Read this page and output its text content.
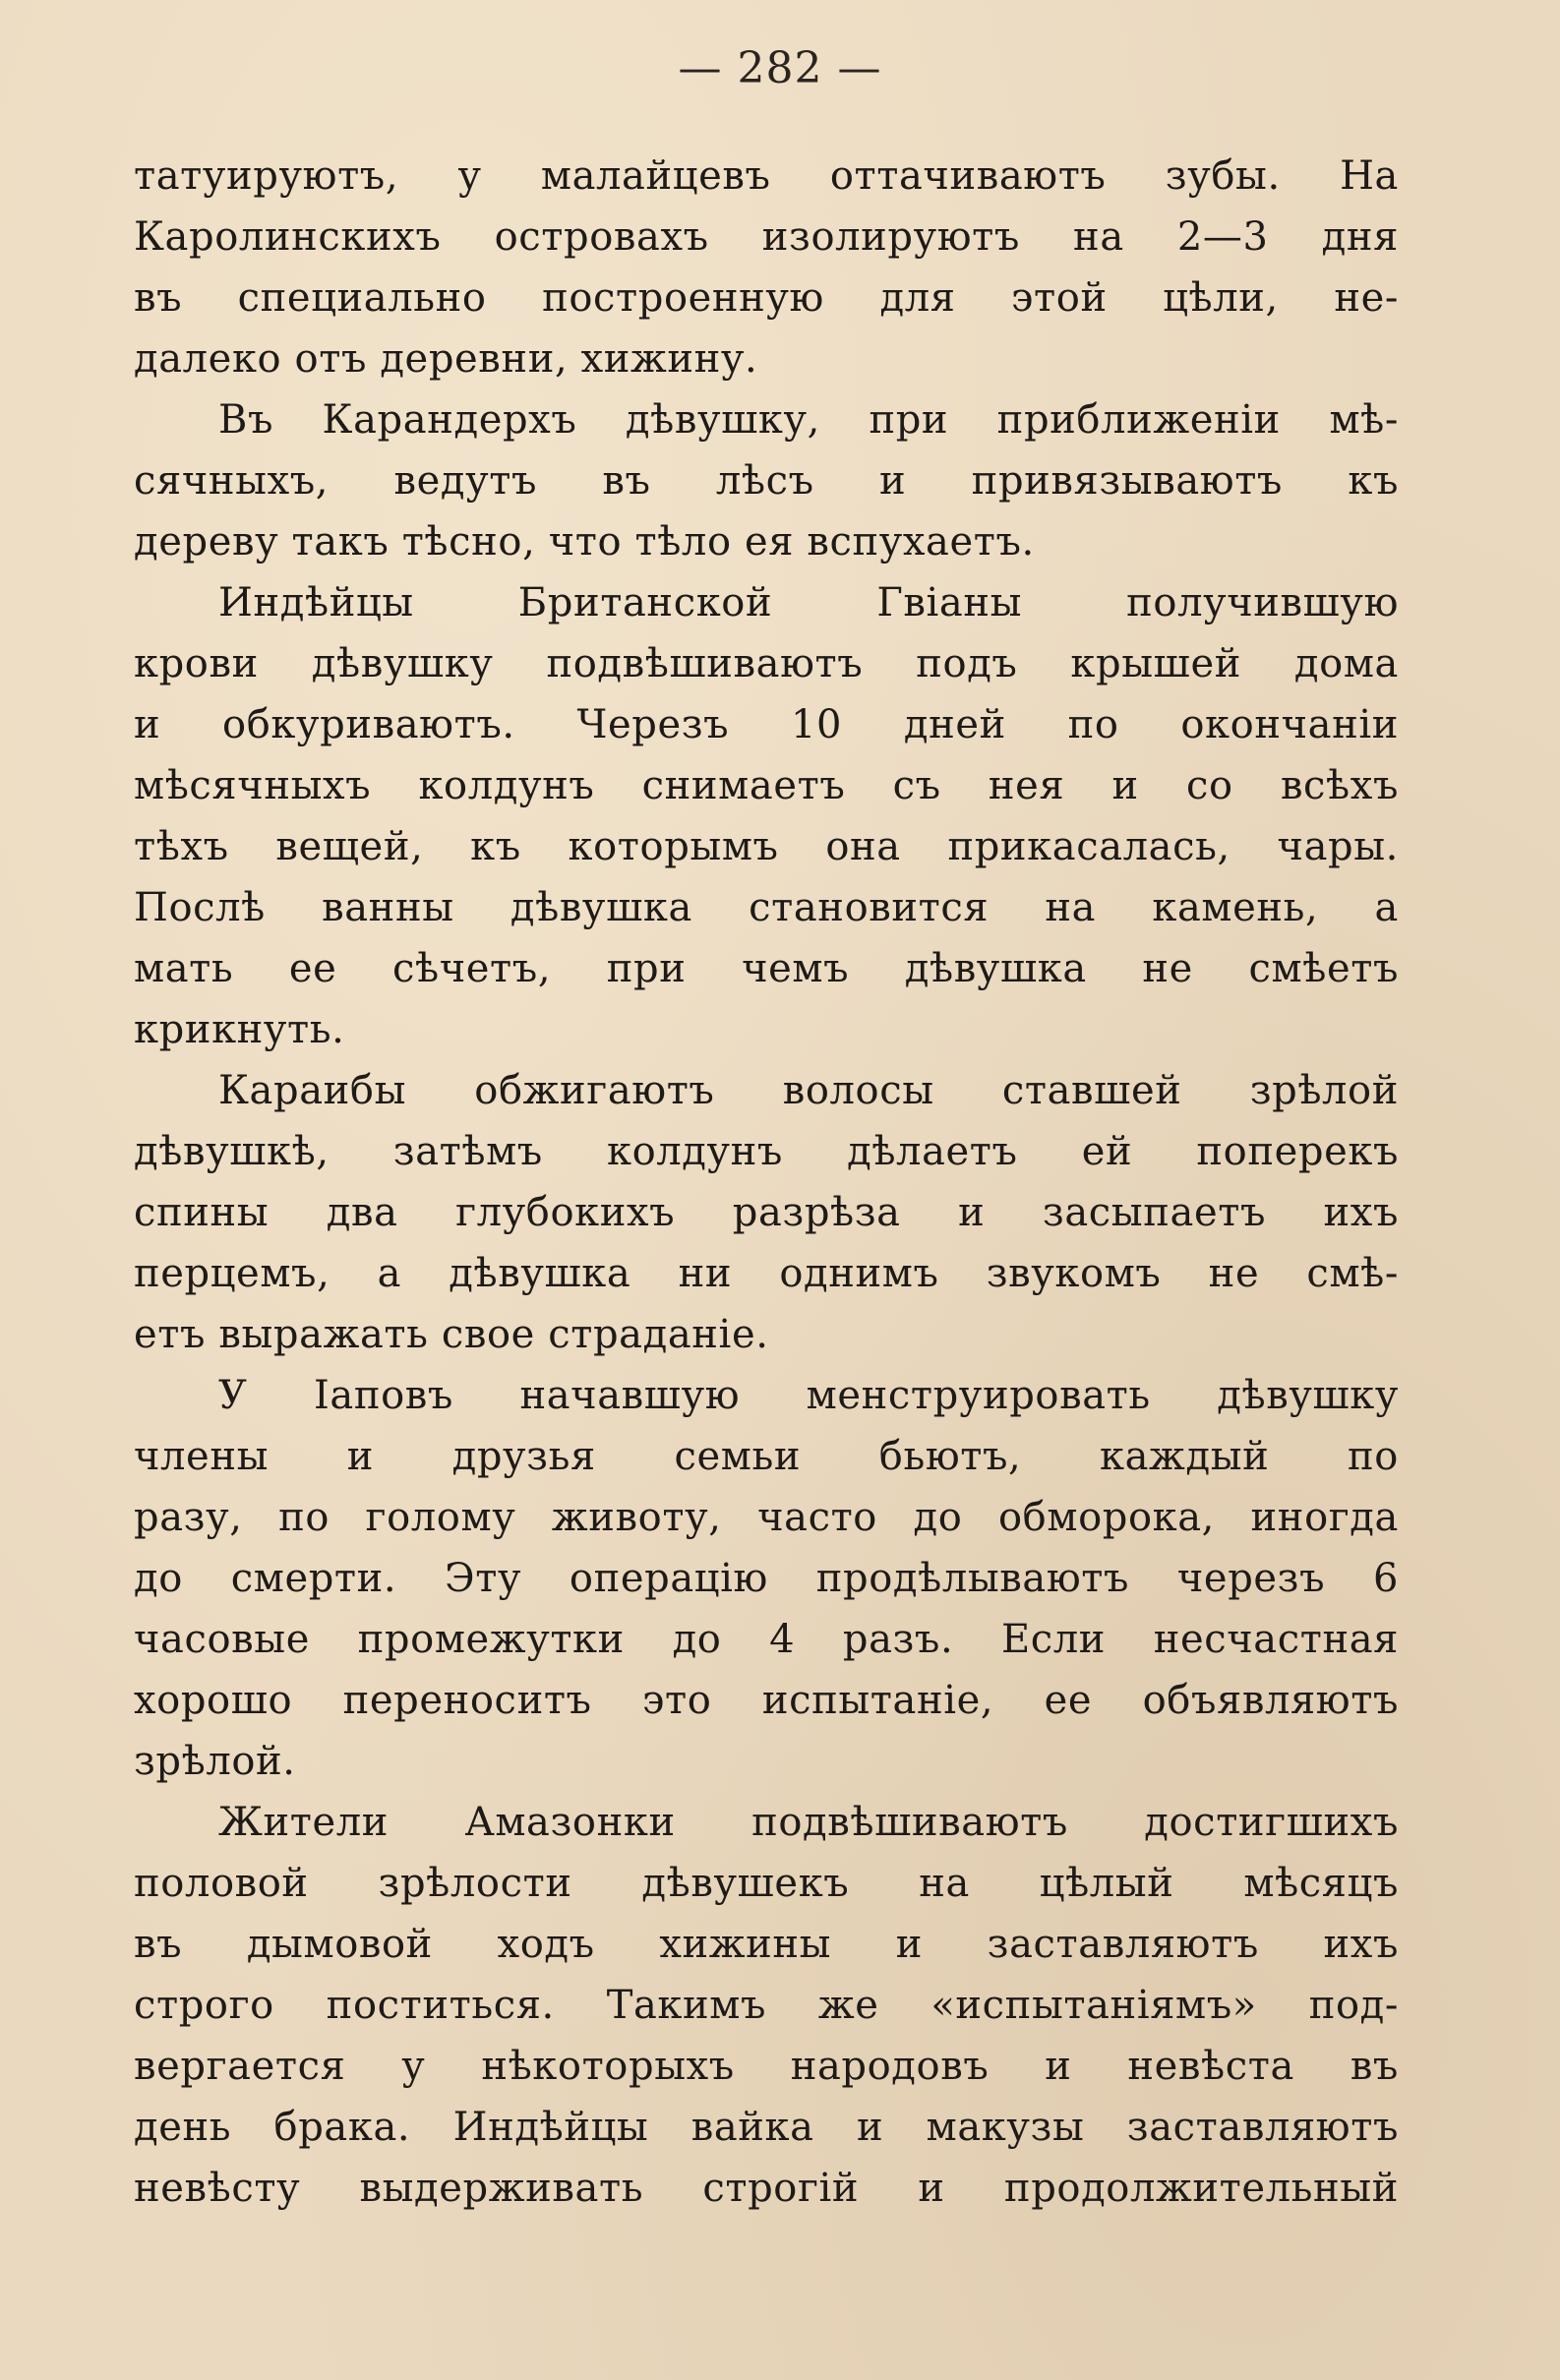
— 282 —
татуируютъ, у малайцевъ оттачиваютъ зубы. На
Каролинскихъ островахъ изолируютъ на 2—3 дня
въ специально построенную для этой цѣли, не-
далеко отъ деревни, хижину.
Въ Карандерхъ дѣвушку, при приближеніи мѣ-
сячныхъ, ведутъ въ лѣсъ и привязываютъ къ
дереву такъ тѣсно, что тѣло ея вспухаетъ.
Индѣйцы Британской Гвіаны получившую
крови дѣвушку подвѣшиваютъ подъ крышей дома
и обкуриваютъ. Черезъ 10 дней по окончаніи
мѣсячныхъ колдунъ снимаетъ съ нея и со всѣхъ
тѣхъ вещей, къ которымъ она прикасалась, чары.
Послѣ ванны дѣвушка становится на камень, а
мать ее сѣчетъ, при чемъ дѣвушка не смѣетъ
крикнуть.
Караибы обжигаютъ волосы ставшей зрѣлой
дѣвушкѣ, затѣмъ колдунъ дѣлаетъ ей поперекъ
спины два глубокихъ разрѣза и засыпаетъ ихъ
перцемъ, а дѣвушка ни однимъ звукомъ не смѣ-
етъ выражать свое страданіе.
У Іаповъ начавшую менструировать дѣвушку
члены и друзья семьи бьютъ, каждый по
разу, по голому животу, часто до обморока, иногда
до смерти. Эту операцію продѣлываютъ черезъ 6
часовые промежутки до 4 разъ. Если несчастная
хорошо переноситъ это испытаніе, ее объявляютъ
зрѣлой.
Жители Амазонки подвѣшиваютъ достигшихъ
половой зрѣлости дѣвушекъ на цѣлый мѣсяцъ
въ дымовой ходъ хижины и заставляютъ ихъ
строго поститься. Такимъ же «испытаніямъ» под-
вергается у нѣкоторыхъ народовъ и невѣста въ
день брака. Индѣйцы вайка и макузы заставляютъ
невѣсту выдерживать строгій и продолжительный
